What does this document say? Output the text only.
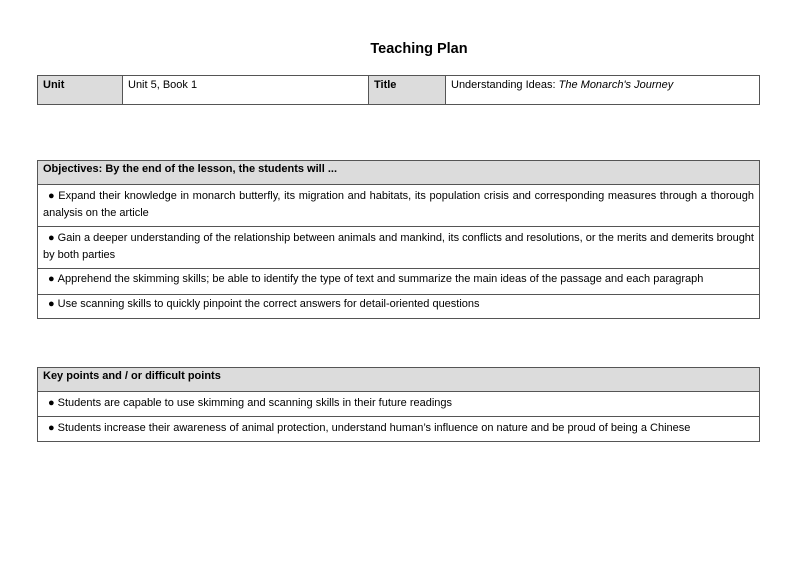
Teaching Plan
Unit	Unit 5, Book 1	Title	Understanding Ideas: The Monarch's Journey
Objectives: By the end of the lesson, the students will ...
● Expand their knowledge in monarch butterfly, its migration and habitats, its population crisis and corresponding measures through a thorough analysis on the article
● Gain a deeper understanding of the relationship between animals and mankind, its conflicts and resolutions, or the merits and demerits brought by both parties
● Apprehend the skimming skills; be able to identify the type of text and summarize the main ideas of the passage and each paragraph
● Use scanning skills to quickly pinpoint the correct answers for detail-oriented questions
Key points and / or difficult points
● Students are capable to use skimming and scanning skills in their future readings
● Students increase their awareness of animal protection, understand human’s influence on nature and be proud of being a Chinese
